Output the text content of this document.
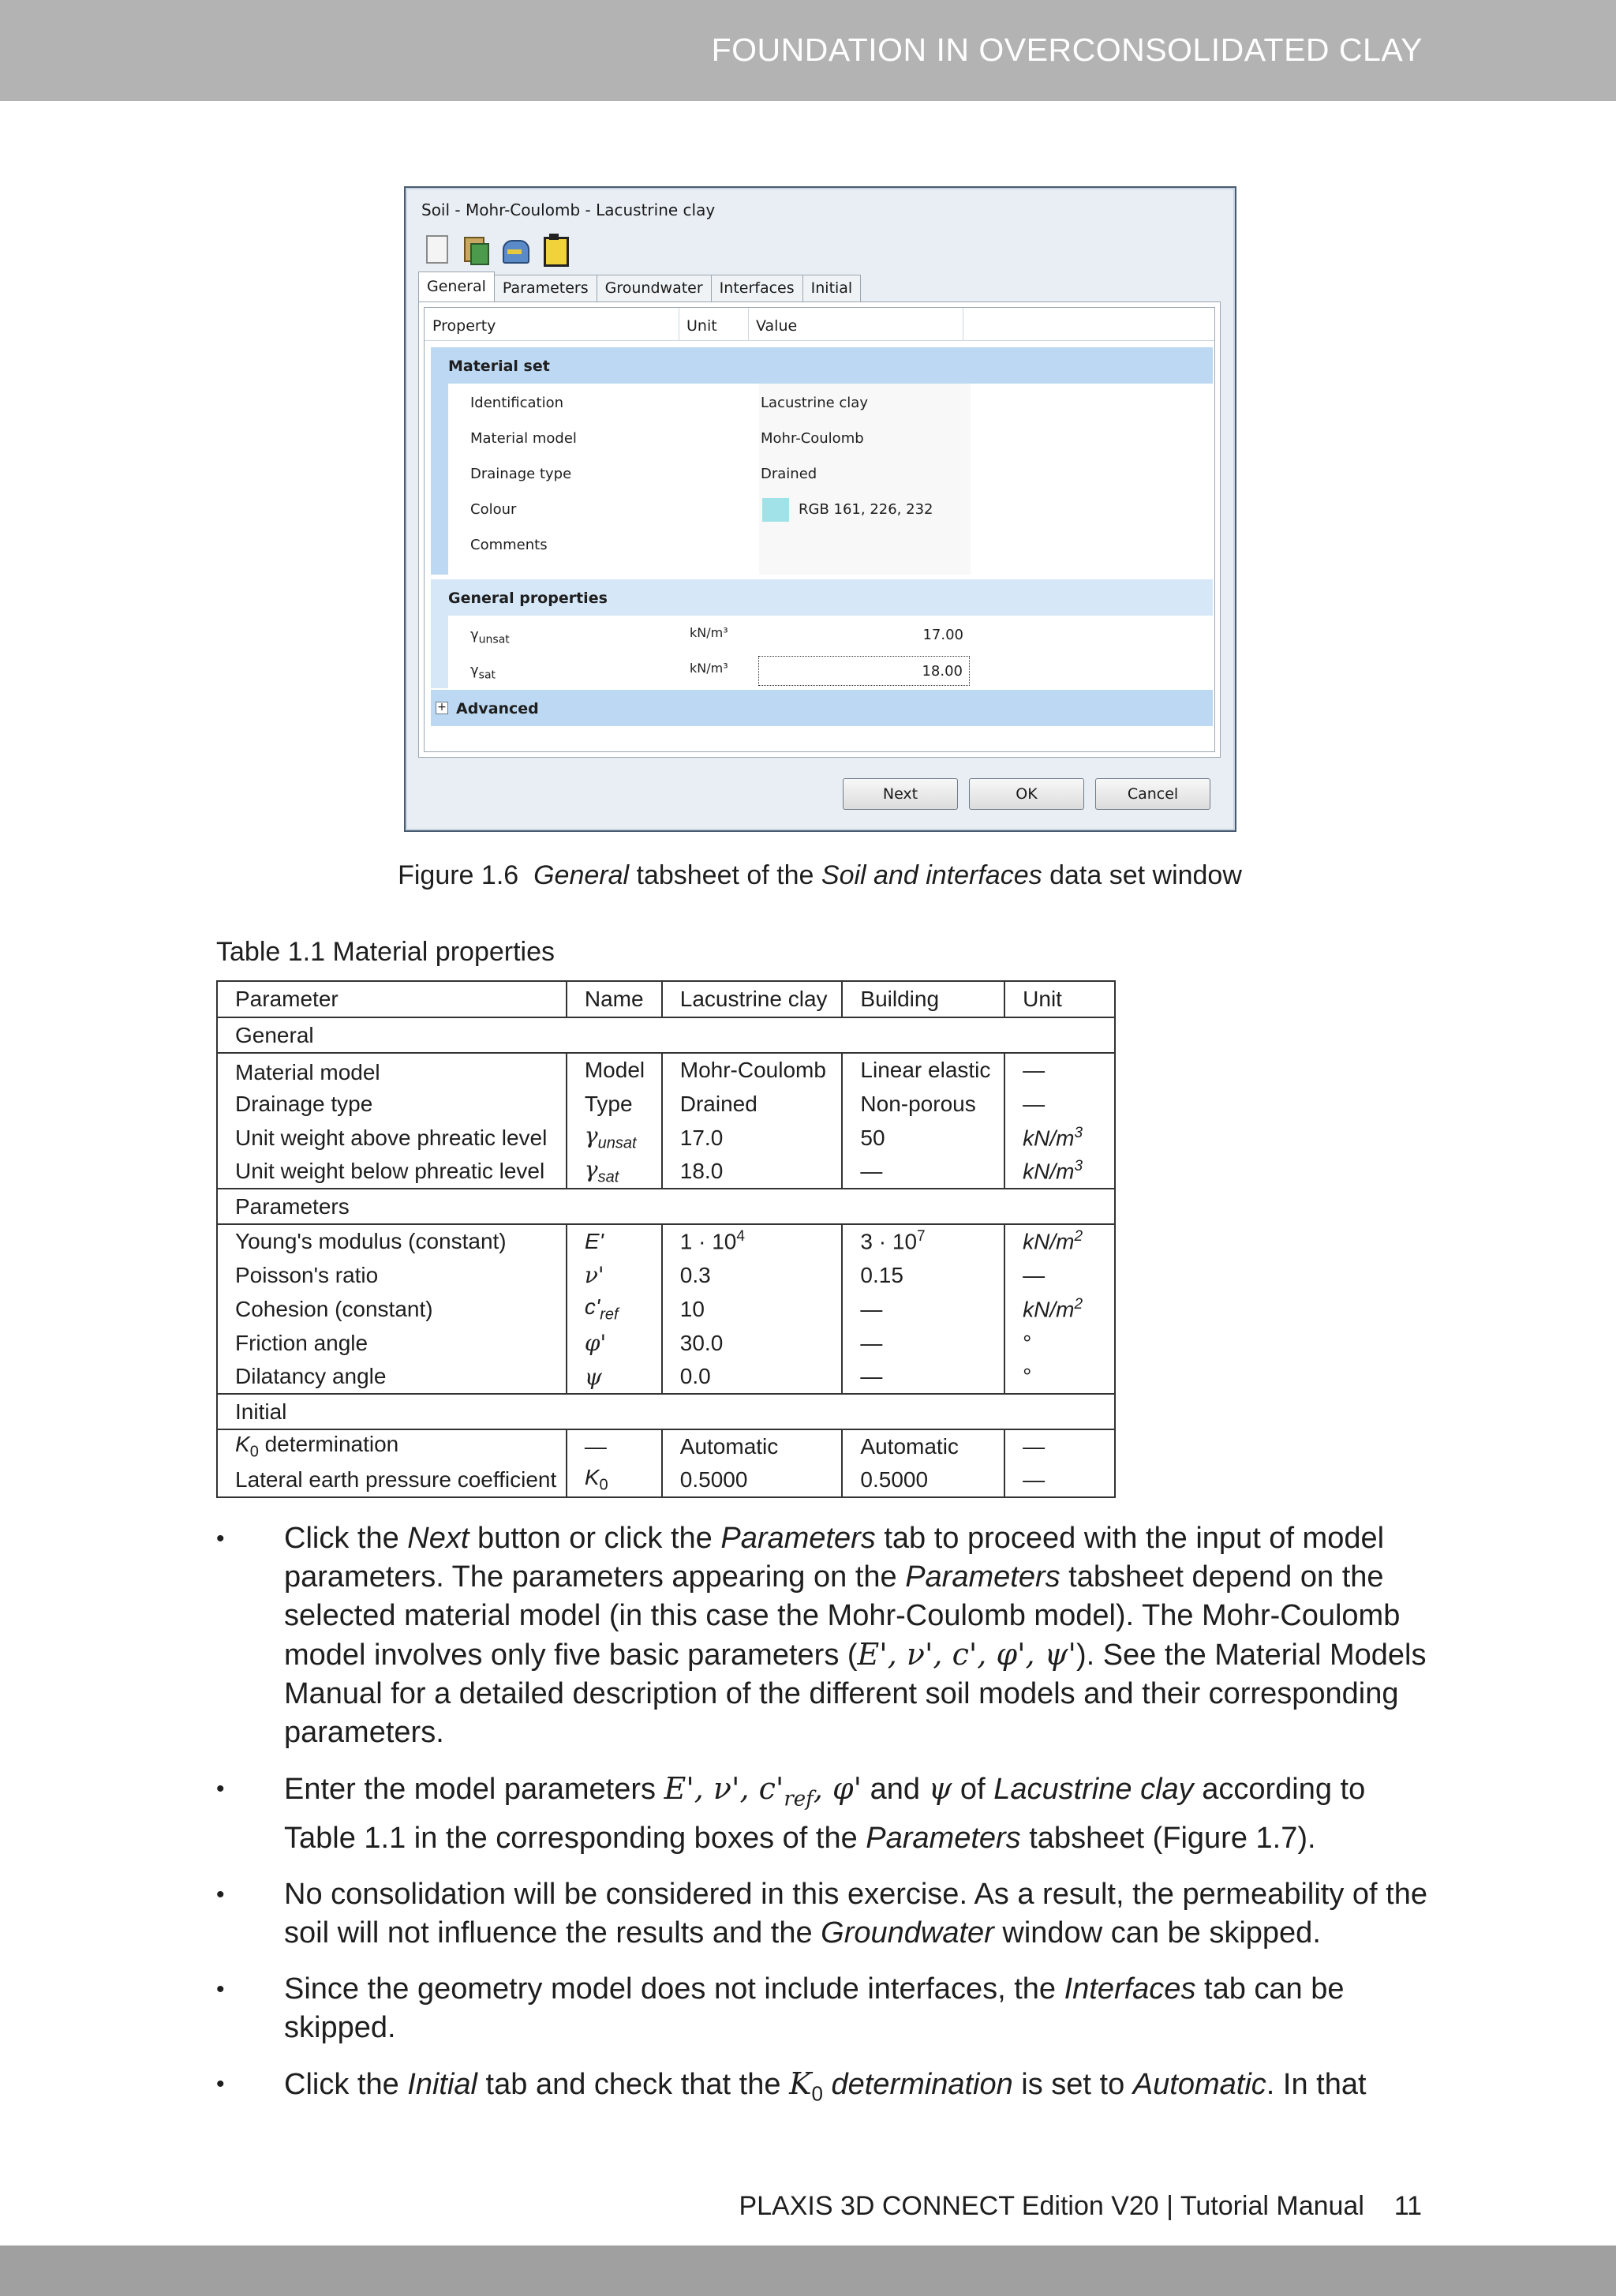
FOUNDATION IN OVERCONSOLIDATED CLAY
Soil - Mohr-Coulomb - Lacustrine clay
General	Parameters	Groundwater	Interfaces	Initial
Property	Unit	Value
Material set
Identification	Lacustrine clay
Material model	Mohr-Coulomb
Drainage type	Drained
Colour	RGB 161, 226, 232
Comments
General properties
$\gamma_{unsat}$	kN/m³	17.00
$\gamma_{sat}$	kN/m³	18.00
+ Advanced
Next	OK	Cancel
Figure 1.6 General tabsheet of the Soil and interfaces data set window
Table 1.1 Material properties
Parameter	Name	Lacustrine clay	Building	Unit
General				
Material model	Model	Mohr-Coulomb	Linear elastic	—
Drainage type	Type	Drained	Non-porous	—
Unit weight above phreatic level	$\gamma_{unsat}$	17.0	50	$kN/m^3$
Unit weight below phreatic level	$\gamma_{sat}$	18.0	—	$kN/m^3$
Parameters				
Young's modulus (constant)	E'	$1 \cdot 10^4$	$3 \cdot 10^7$	$kN/m^2$
Poisson's ratio	ν'	0.3	0.15	—
Cohesion (constant)	$c'_{ref}$	10	—	$kN/m^2$
Friction angle	φ'	30.0	—	°
Dilatancy angle	ψ	0.0	—	°
Initial				
$K_0$ determination	—	Automatic	Automatic	—
Lateral earth pressure coefficient	$K_0$	0.5000	0.5000	—
• Click the Next button or click the Parameters tab to proceed with the input of model parameters. The parameters appearing on the Parameters tabsheet depend on the selected material model (in this case the Mohr-Coulomb model). The Mohr-Coulomb model involves only five basic parameters (E', ν', c', φ', ψ'). See the Material Models Manual for a detailed description of the different soil models and their corresponding parameters.
• Enter the model parameters E', ν', $c'_{ref}$, φ' and ψ of Lacustrine clay according to Table 1.1 in the corresponding boxes of the Parameters tabsheet (Figure 1.7).
• No consolidation will be considered in this exercise. As a result, the permeability of the soil will not influence the results and the Groundwater window can be skipped.
• Since the geometry model does not include interfaces, the Interfaces tab can be skipped.
• Click the Initial tab and check that the $K_0$ determination is set to Automatic. In that
PLAXIS 3D CONNECT Edition V20 | Tutorial Manual 11
